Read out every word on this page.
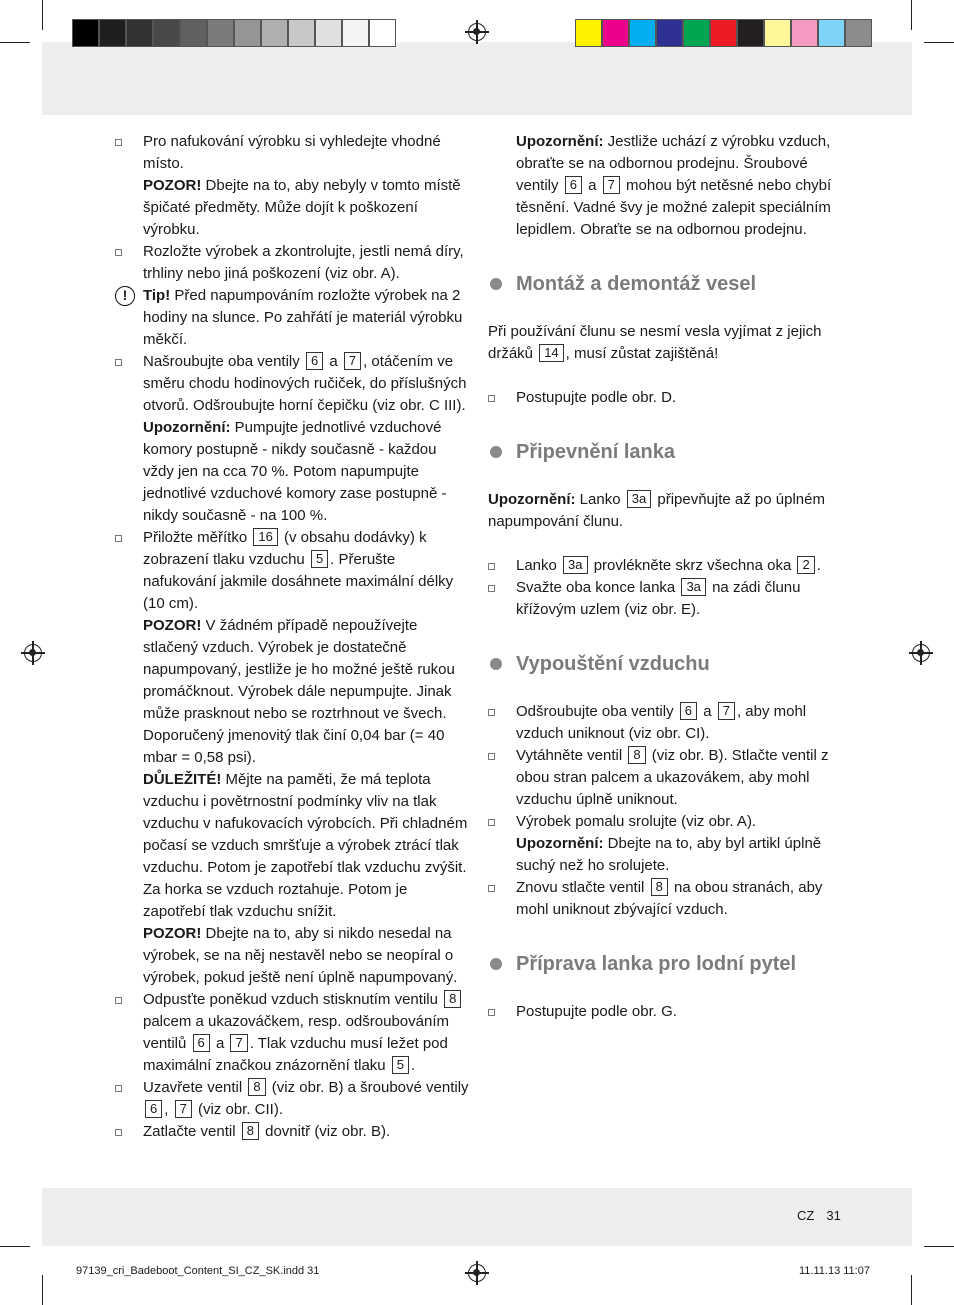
Pro nafukování výrobku si vyhledejte vhodné místo.

POZOR! Dbejte na to, aby nebyly v tomto místě špičaté předměty. Může dojít k poškození výrobku.

Rozložte výrobek a zkontrolujte, jestli nemá díry, trhliny nebo jiná poškození (viz obr. A).

!	Tip! Před napumpováním rozložte výrobek na 2 hodiny na slunce. Po zahřátí je materiál výrobku měkčí.

Našroubujte oba ventily 6 a 7 , otáčením ve směru chodu hodinových ručiček, do příslušných otvorů. Odšroubujte horní čepičku (viz obr. C III).

Upozornění: Pumpujte jednotlivé vzduchové komory postupně - nikdy současně - každou vždy jen na cca 70 %. Potom napumpujte jednotlivé vzduchové komory zase postupně - nikdy současně - na 100 %.

Přiložte měřítko 16 (v obsahu dodávky) k zobrazení tlaku vzduchu 5 . Přerušte nafukování jakmile dosáhnete maximální délky (10 cm).

POZOR! V žádném případě nepoužívejte stlačený vzduch. Výrobek je dostatečně napumpovaný, jestliže je ho možné ještě rukou promáčknout. Výrobek dále nepumpujte. Jinak může prasknout nebo se roztrhnout ve švech. Doporučený jmenovitý tlak činí 0,04 bar (= 40 mbar = 0,58 psi).

DŮLEŽITÉ! Mějte na paměti, že má teplota vzduchu i povětrnostní podmínky vliv na tlak vzduchu v nafukovacích výrobcích. Při chladném počasí se vzduch smršťuje a výrobek ztrácí tlak vzduchu. Potom je zapotřebí tlak vzduchu zvýšit. Za horka se vzduch roztahuje. Potom je zapotřebí tlak vzduchu snížit.

POZOR! Dbejte na to, aby si nikdo nesedal na výrobek, se na něj nestavěl nebo se neopíral o výrobek, pokud ještě není úplně napumpovaný.

Odpusťte poněkud vzduch stisknutím ventilu 8 palcem a ukazováčkem, resp. odšroubováním ventilů 6 a 7 . Tlak vzduchu musí ležet pod maximální značkou znázornění tlaku 5 .

Uzavřete ventil 8 (viz obr. B) a šroubové ventily 6 , 7 (viz obr. CII).

Zatlačte ventil 8 dovnitř (viz obr. B).

Upozornění: Jestliže uchází z výrobku vzduch, obraťte se na odbornou prodejnu. Šroubové ventily 6 a 7 mohou být netěsné nebo chybí těsnění. Vadné švy je možné zalepit speciálním lepidlem. Obraťte se na odbornou prodejnu.

Montáž a demontáž vesel

Při používání člunu se nesmí vesla vyjímat z jejich držáků 14 , musí zůstat zajištěná!

Postupujte podle obr. D.

Připevnění lanka

Upozornění: Lanko 3a připevňujte až po úplném napumpování člunu.

Lanko 3a provlékněte skrz všechna oka 2 .

Svažte oba konce lanka 3a na zádi člunu křížovým uzlem (viz obr. E).

Vypouštění vzduchu

Odšroubujte oba ventily 6 a 7 , aby mohl vzduch uniknout (viz obr. CI).

Vytáhněte ventil 8 (viz obr. B). Stlačte ventil z obou stran palcem a ukazovákem, aby mohl vzduchu úplně uniknout.

Výrobek pomalu srolujte (viz obr. A).

Upozornění: Dbejte na to, aby byl artikl úplně suchý než ho srolujete.

Znovu stlačte ventil 8 na obou stranách, aby mohl uniknout zbývající vzduch.

Příprava lanka pro lodní pytel

Postupujte podle obr. G.

CZ 31
97139_cri_Badeboot_Content_SI_CZ_SK.indd 31	11.11.13 11:07
